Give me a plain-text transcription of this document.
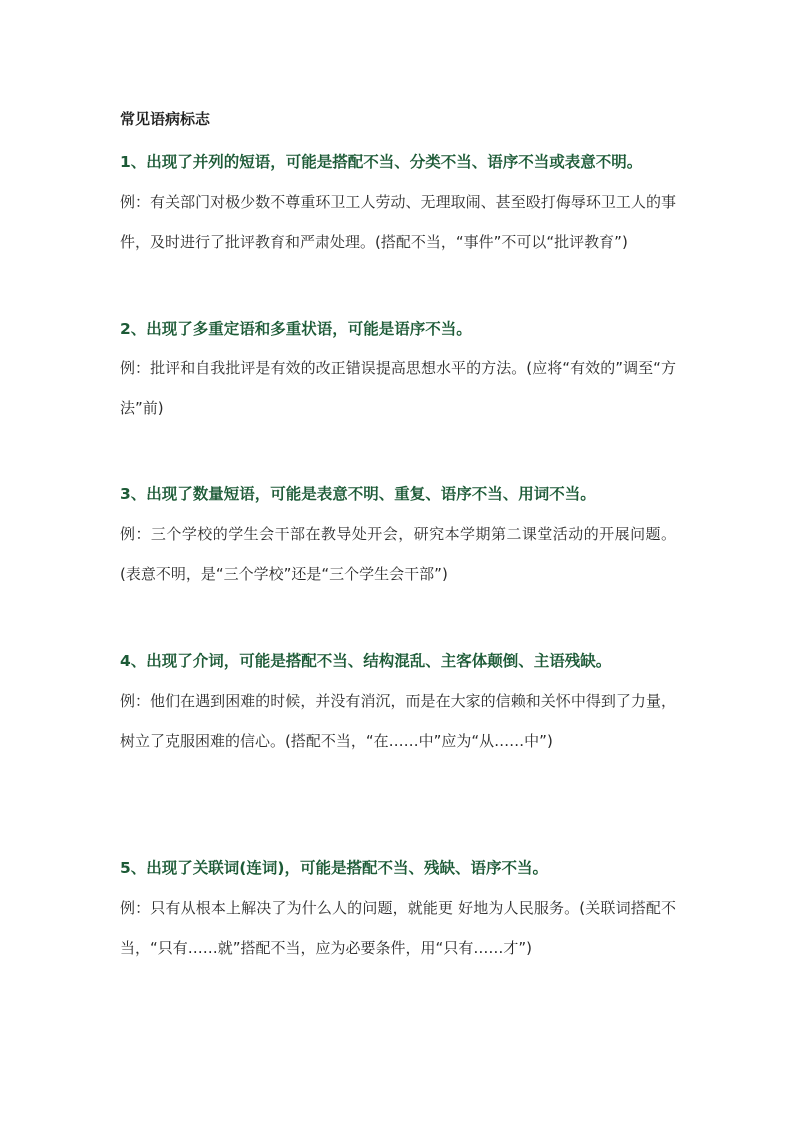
常见语病标志
1、出现了并列的短语，可能是搭配不当、分类不当、语序不当或表意不明。
例：有关部门对极少数不尊重环卫工人劳动、无理取闹、甚至殴打侮辱环卫工人的事件，及时进行了批评教育和严肃处理。(搭配不当，“事件”不可以“批评教育”)
2、出现了多重定语和多重状语，可能是语序不当。
例：批评和自我批评是有效的改正错误提高思想水平的方法。(应将“有效的”调至“方法”前)
3、出现了数量短语，可能是表意不明、重复、语序不当、用词不当。
例：三个学校的学生会干部在教导处开会，研究本学期第二课堂活动的开展问题。(表意不明，是“三个学校”还是“三个学生会干部”)
4、出现了介词，可能是搭配不当、结构混乱、主客体颠倒、主语残缺。
例：他们在遇到困难的时候，并没有消沉，而是在大家的信赖和关怀中得到了力量，树立了克服困难的信心。(搭配不当，“在……中”应为“从……中”)
5、出现了关联词(连词)，可能是搭配不当、残缺、语序不当。
例：只有从根本上解决了为什么人的问题，就能更 好地为人民服务。(关联词搭配不当，“只有……就”搭配不当，应为必要条件，用“只有……才”)
